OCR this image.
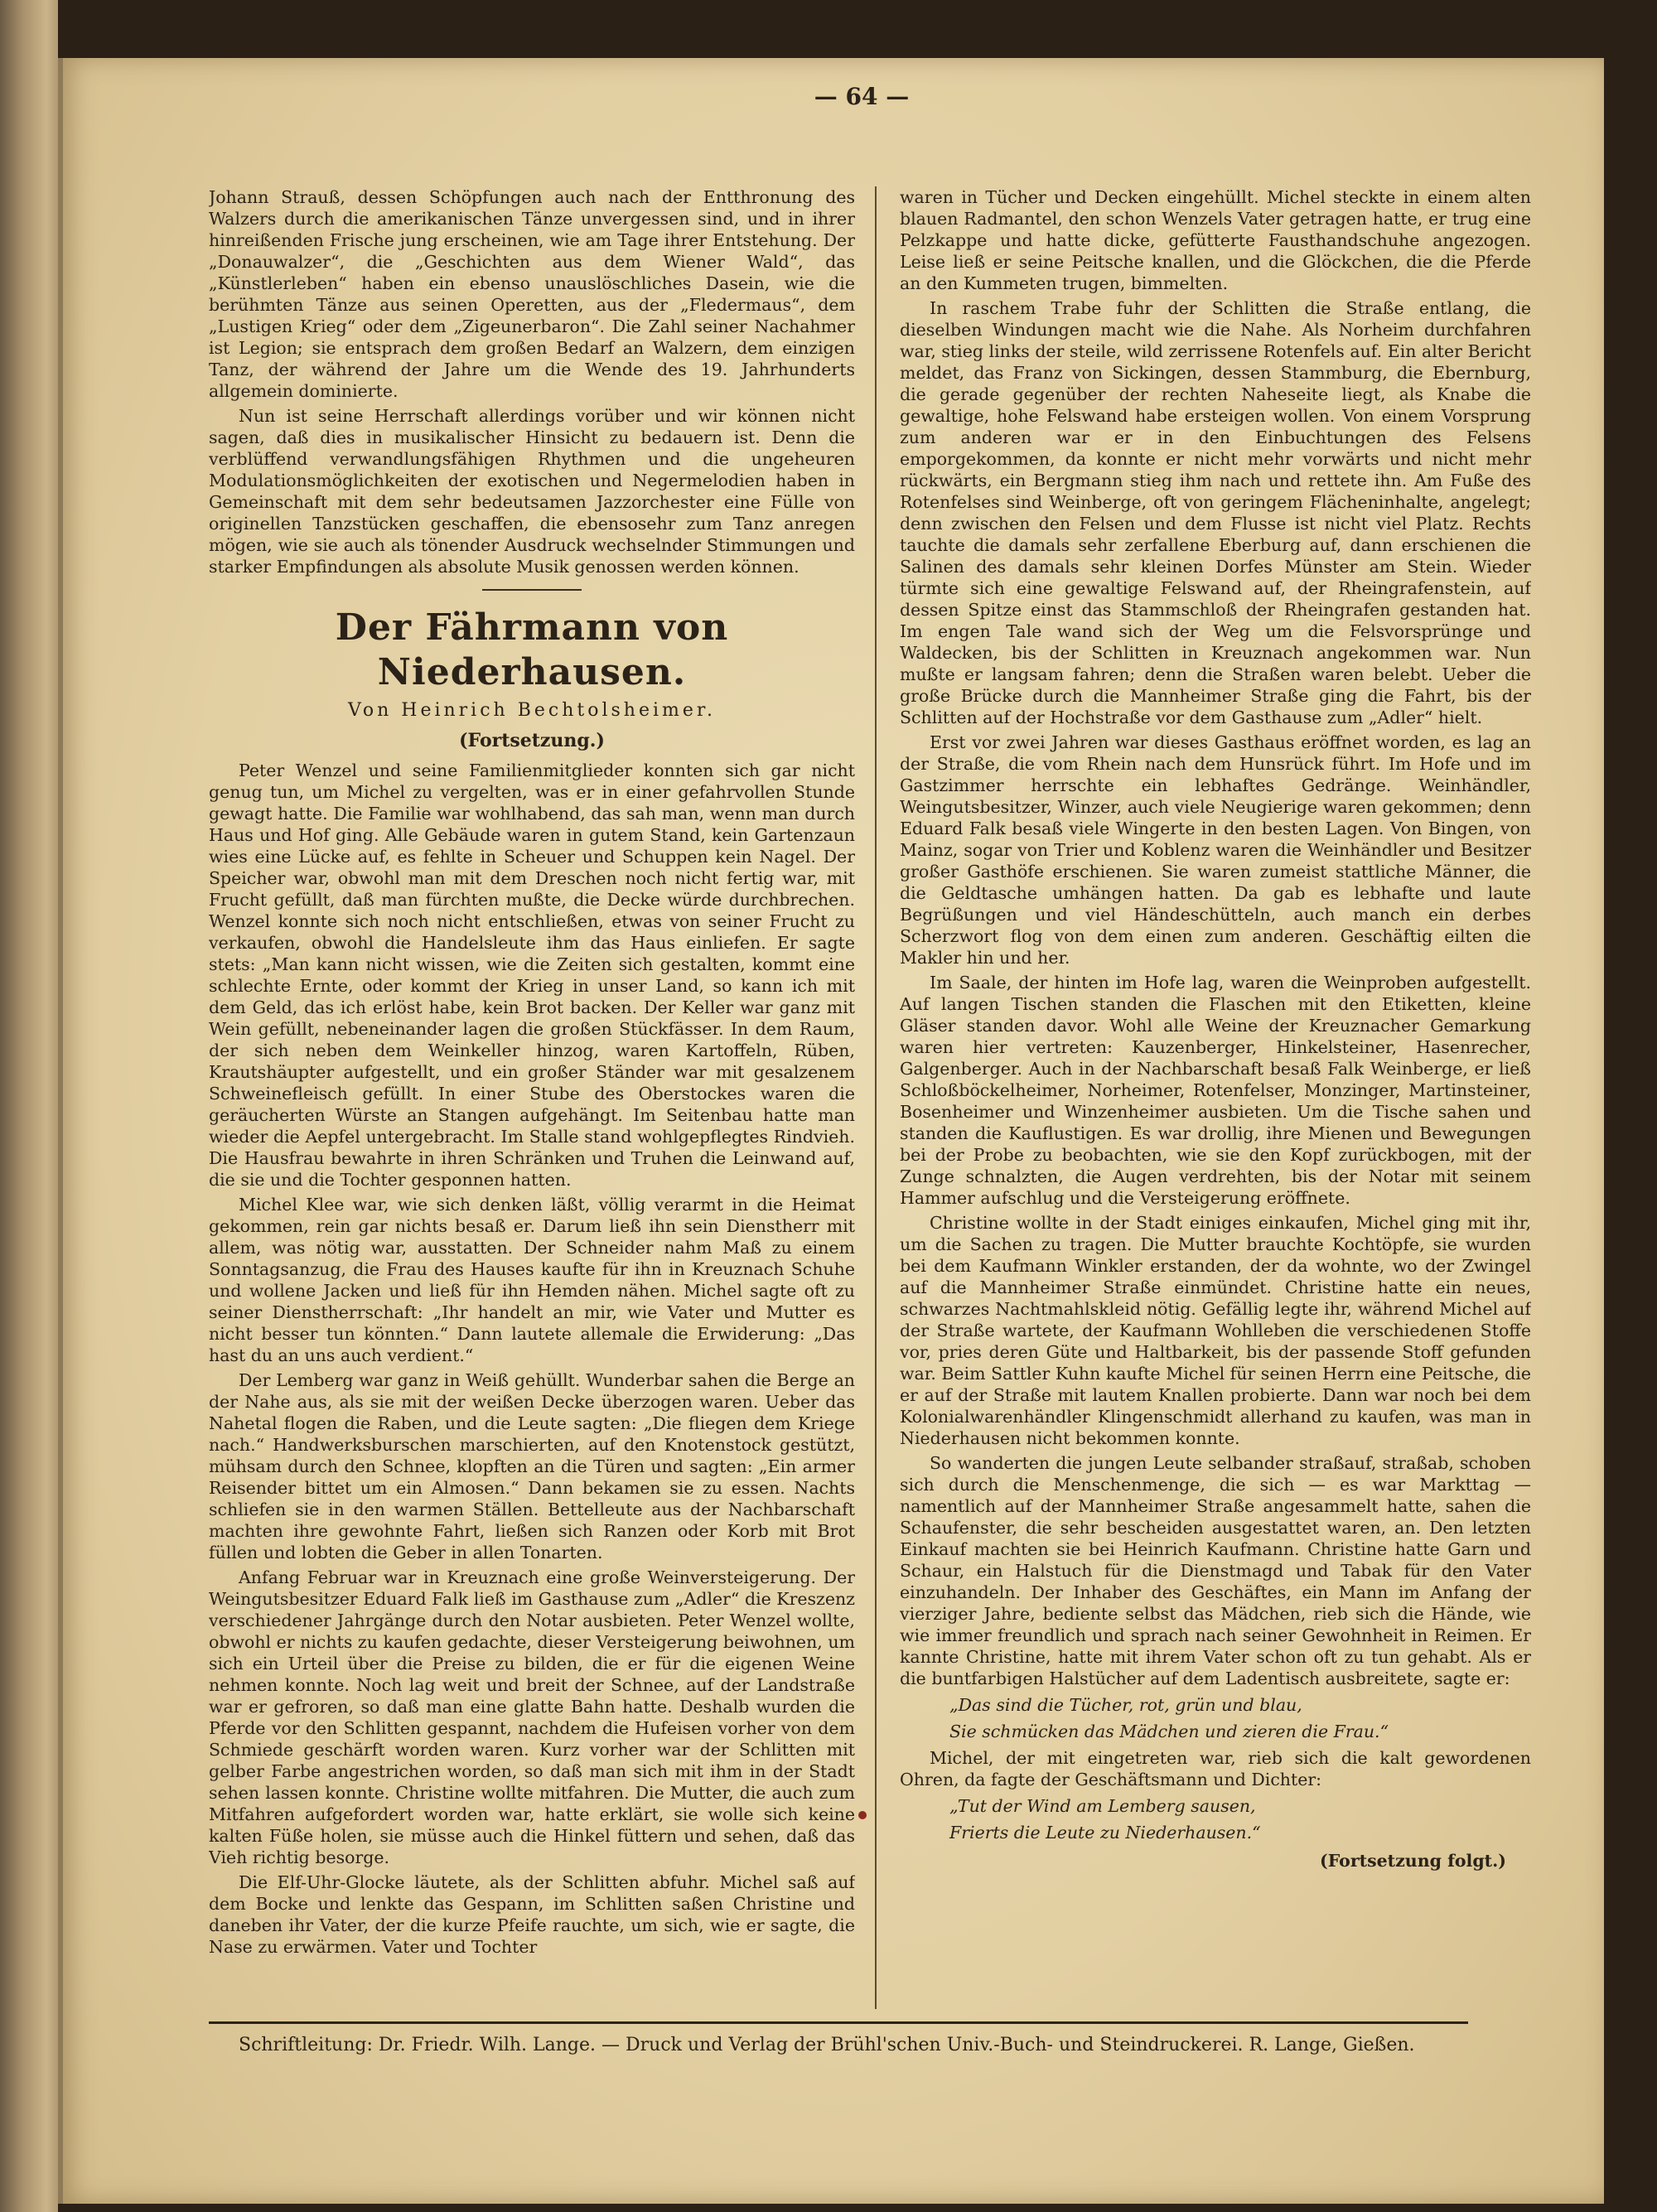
— 64 —

Johann Strauß, dessen Schöpfungen auch nach der Entthronung des Walzers durch die amerikanischen Tänze unvergessen sind, und in ihrer hinreißenden Frische jung erscheinen, wie am Tage ihrer Entstehung. Der „Donauwalzer“, die „Geschichten aus dem Wiener Wald“, das „Künstlerleben“ haben ein ebenso unauslöschliches Dasein, wie die berühmten Tänze aus seinen Operetten, aus der „Fledermaus“, dem „Lustigen Krieg“ oder dem „Zigeunerbaron“. Die Zahl seiner Nachahmer ist Legion; sie entsprach dem großen Bedarf an Walzern, dem einzigen Tanz, der während der Jahre um die Wende des 19. Jahrhunderts allgemein dominierte.

Nun ist seine Herrschaft allerdings vorüber und wir können nicht sagen, daß dies in musikalischer Hinsicht zu bedauern ist. Denn die verblüffend verwandlungsfähigen Rhythmen und die ungeheuren Modulationsmöglichkeiten der exotischen und Negermelodien haben in Gemeinschaft mit dem sehr bedeutsamen Jazzorchester eine Fülle von originellen Tanzstücken geschaffen, die ebensosehr zum Tanz anregen mögen, wie sie auch als tönender Ausdruck wechselnder Stimmungen und starker Empfindungen als absolute Musik genossen werden können.

Der Fährmann von Niederhausen.
Von Heinrich Bechtolsheimer.
(Fortsetzung.)

Peter Wenzel und seine Familienmitglieder konnten sich gar nicht genug tun, um Michel zu vergelten, was er in einer gefahrvollen Stunde gewagt hatte. Die Familie war wohlhabend, das sah man, wenn man durch Haus und Hof ging. Alle Gebäude waren in gutem Stand, kein Gartenzaun wies eine Lücke auf, es fehlte in Scheuer und Schuppen kein Nagel. Der Speicher war, obwohl man mit dem Dreschen noch nicht fertig war, mit Frucht gefüllt, daß man fürchten mußte, die Decke würde durchbrechen. Wenzel konnte sich noch nicht entschließen, etwas von seiner Frucht zu verkaufen, obwohl die Handelsleute ihm das Haus einliefen. Er sagte stets: „Man kann nicht wissen, wie die Zeiten sich gestalten, kommt eine schlechte Ernte, oder kommt der Krieg in unser Land, so kann ich mit dem Geld, das ich erlöst habe, kein Brot backen. Der Keller war ganz mit Wein gefüllt, nebeneinander lagen die großen Stückfässer. In dem Raum, der sich neben dem Weinkeller hinzog, waren Kartoffeln, Rüben, Krautshäupter aufgestellt, und ein großer Ständer war mit gesalzenem Schweinefleisch gefüllt. In einer Stube des Oberstockes waren die geräucherten Würste an Stangen aufgehängt. Im Seitenbau hatte man wieder die Aepfel untergebracht. Im Stalle stand wohlgepflegtes Rindvieh. Die Hausfrau bewahrte in ihren Schränken und Truhen die Leinwand auf, die sie und die Tochter gesponnen hatten.

Michel Klee war, wie sich denken läßt, völlig verarmt in die Heimat gekommen, rein gar nichts besaß er. Darum ließ ihn sein Dienstherr mit allem, was nötig war, ausstatten. Der Schneider nahm Maß zu einem Sonntagsanzug, die Frau des Hauses kaufte für ihn in Kreuznach Schuhe und wollene Jacken und ließ für ihn Hemden nähen. Michel sagte oft zu seiner Dienstherrschaft: „Ihr handelt an mir, wie Vater und Mutter es nicht besser tun könnten.“ Dann lautete allemale die Erwiderung: „Das hast du an uns auch verdient.“

Der Lemberg war ganz in Weiß gehüllt. Wunderbar sahen die Berge an der Nahe aus, als sie mit der weißen Decke überzogen waren. Ueber das Nahetal flogen die Raben, und die Leute sagten: „Die fliegen dem Kriege nach.“ Handwerksburschen marschierten, auf den Knotenstock gestützt, mühsam durch den Schnee, klopften an die Türen und sagten: „Ein armer Reisender bittet um ein Almosen.“ Dann bekamen sie zu essen. Nachts schliefen sie in den warmen Ställen. Bettelleute aus der Nachbarschaft machten ihre gewohnte Fahrt, ließen sich Ranzen oder Korb mit Brot füllen und lobten die Geber in allen Tonarten.

Anfang Februar war in Kreuznach eine große Weinversteigerung. Der Weingutsbesitzer Eduard Falk ließ im Gasthause zum „Adler“ die Kreszenz verschiedener Jahrgänge durch den Notar ausbieten. Peter Wenzel wollte, obwohl er nichts zu kaufen gedachte, dieser Versteigerung beiwohnen, um sich ein Urteil über die Preise zu bilden, die er für die eigenen Weine nehmen konnte. Noch lag weit und breit der Schnee, auf der Landstraße war er gefroren, so daß man eine glatte Bahn hatte. Deshalb wurden die Pferde vor den Schlitten gespannt, nachdem die Hufeisen vorher von dem Schmiede geschärft worden waren. Kurz vorher war der Schlitten mit gelber Farbe angestrichen worden, so daß man sich mit ihm in der Stadt sehen lassen konnte. Christine wollte mitfahren. Die Mutter, die auch zum Mitfahren aufgefordert worden war, hatte erklärt, sie wolle sich keine kalten Füße holen, sie müsse auch die Hinkel füttern und sehen, daß das Vieh richtig besorge.

Die Elf-Uhr-Glocke läutete, als der Schlitten abfuhr. Michel saß auf dem Bocke und lenkte das Gespann, im Schlitten saßen Christine und daneben ihr Vater, der die kurze Pfeife rauchte, um sich, wie er sagte, die Nase zu erwärmen. Vater und Tochter

waren in Tücher und Decken eingehüllt. Michel steckte in einem alten blauen Radmantel, den schon Wenzels Vater getragen hatte, er trug eine Pelzkappe und hatte dicke, gefütterte Fausthandschuhe angezogen. Leise ließ er seine Peitsche knallen, und die Glöckchen, die die Pferde an den Kummeten trugen, bimmelten.

In raschem Trabe fuhr der Schlitten die Straße entlang, die dieselben Windungen macht wie die Nahe. Als Norheim durchfahren war, stieg links der steile, wild zerrissene Rotenfels auf. Ein alter Bericht meldet, das Franz von Sickingen, dessen Stammburg, die Ebernburg, die gerade gegenüber der rechten Naheseite liegt, als Knabe die gewaltige, hohe Felswand habe ersteigen wollen. Von einem Vorsprung zum anderen war er in den Einbuchtungen des Felsens emporgekommen, da konnte er nicht mehr vorwärts und nicht mehr rückwärts, ein Bergmann stieg ihm nach und rettete ihn. Am Fuße des Rotenfelses sind Weinberge, oft von geringem Flächeninhalte, angelegt; denn zwischen den Felsen und dem Flusse ist nicht viel Platz. Rechts tauchte die damals sehr zerfallene Eberburg auf, dann erschienen die Salinen des damals sehr kleinen Dorfes Münster am Stein. Wieder türmte sich eine gewaltige Felswand auf, der Rheingrafenstein, auf dessen Spitze einst das Stammschloß der Rheingrafen gestanden hat. Im engen Tale wand sich der Weg um die Felsvorsprünge und Waldecken, bis der Schlitten in Kreuznach angekommen war. Nun mußte er langsam fahren; denn die Straßen waren belebt. Ueber die große Brücke durch die Mannheimer Straße ging die Fahrt, bis der Schlitten auf der Hochstraße vor dem Gasthause zum „Adler“ hielt.

Erst vor zwei Jahren war dieses Gasthaus eröffnet worden, es lag an der Straße, die vom Rhein nach dem Hunsrück führt. Im Hofe und im Gastzimmer herrschte ein lebhaftes Gedränge. Weinhändler, Weingutsbesitzer, Winzer, auch viele Neugierige waren gekommen; denn Eduard Falk besaß viele Wingerte in den besten Lagen. Von Bingen, von Mainz, sogar von Trier und Koblenz waren die Weinhändler und Besitzer großer Gasthöfe erschienen. Sie waren zumeist stattliche Männer, die die Geldtasche umhängen hatten. Da gab es lebhafte und laute Begrüßungen und viel Händeschütteln, auch manch ein derbes Scherzwort flog von dem einen zum anderen. Geschäftig eilten die Makler hin und her.

Im Saale, der hinten im Hofe lag, waren die Weinproben aufgestellt. Auf langen Tischen standen die Flaschen mit den Etiketten, kleine Gläser standen davor. Wohl alle Weine der Kreuznacher Gemarkung waren hier vertreten: Kauzenberger, Hinkelsteiner, Hasenrecher, Galgenberger. Auch in der Nachbarschaft besaß Falk Weinberge, er ließ Schloßböckelheimer, Norheimer, Rotenfelser, Monzinger, Martinsteiner, Bosenheimer und Winzenheimer ausbieten. Um die Tische sahen und standen die Kauflustigen. Es war drollig, ihre Mienen und Bewegungen bei der Probe zu beobachten, wie sie den Kopf zurückbogen, mit der Zunge schnalzten, die Augen verdrehten, bis der Notar mit seinem Hammer aufschlug und die Versteigerung eröffnete.

Christine wollte in der Stadt einiges einkaufen, Michel ging mit ihr, um die Sachen zu tragen. Die Mutter brauchte Kochtöpfe, sie wurden bei dem Kaufmann Winkler erstanden, der da wohnte, wo der Zwingel auf die Mannheimer Straße einmündet. Christine hatte ein neues, schwarzes Nachtmahlskleid nötig. Gefällig legte ihr, während Michel auf der Straße wartete, der Kaufmann Wohlleben die verschiedenen Stoffe vor, pries deren Güte und Haltbarkeit, bis der passende Stoff gefunden war. Beim Sattler Kuhn kaufte Michel für seinen Herrn eine Peitsche, die er auf der Straße mit lautem Knallen probierte. Dann war noch bei dem Kolonialwarenhändler Klingenschmidt allerhand zu kaufen, was man in Niederhausen nicht bekommen konnte.

So wanderten die jungen Leute selbander straßauf, straßab, schoben sich durch die Menschenmenge, die sich — es war Markttag — namentlich auf der Mannheimer Straße angesammelt hatte, sahen die Schaufenster, die sehr bescheiden ausgestattet waren, an. Den letzten Einkauf machten sie bei Heinrich Kaufmann. Christine hatte Garn und Schaur, ein Halstuch für die Dienstmagd und Tabak für den Vater einzuhandeln. Der Inhaber des Geschäftes, ein Mann im Anfang der vierziger Jahre, bediente selbst das Mädchen, rieb sich die Hände, wie wie immer freundlich und sprach nach seiner Gewohnheit in Reimen. Er kannte Christine, hatte mit ihrem Vater schon oft zu tun gehabt. Als er die buntfarbigen Halstücher auf dem Ladentisch ausbreitete, sagte er:

„Das sind die Tücher, rot, grün und blau,

Sie schmücken das Mädchen und zieren die Frau.“

Michel, der mit eingetreten war, rieb sich die kalt gewordenen Ohren, da fagte der Geschäftsmann und Dichter:

„Tut der Wind am Lemberg sausen,

Frierts die Leute zu Niederhausen.“

(Fortsetzung folgt.)

Schriftleitung: Dr. Friedr. Wilh. Lange. — Druck und Verlag der Brühl'schen Univ.-Buch- und Steindruckerei. R. Lange, Gießen.
